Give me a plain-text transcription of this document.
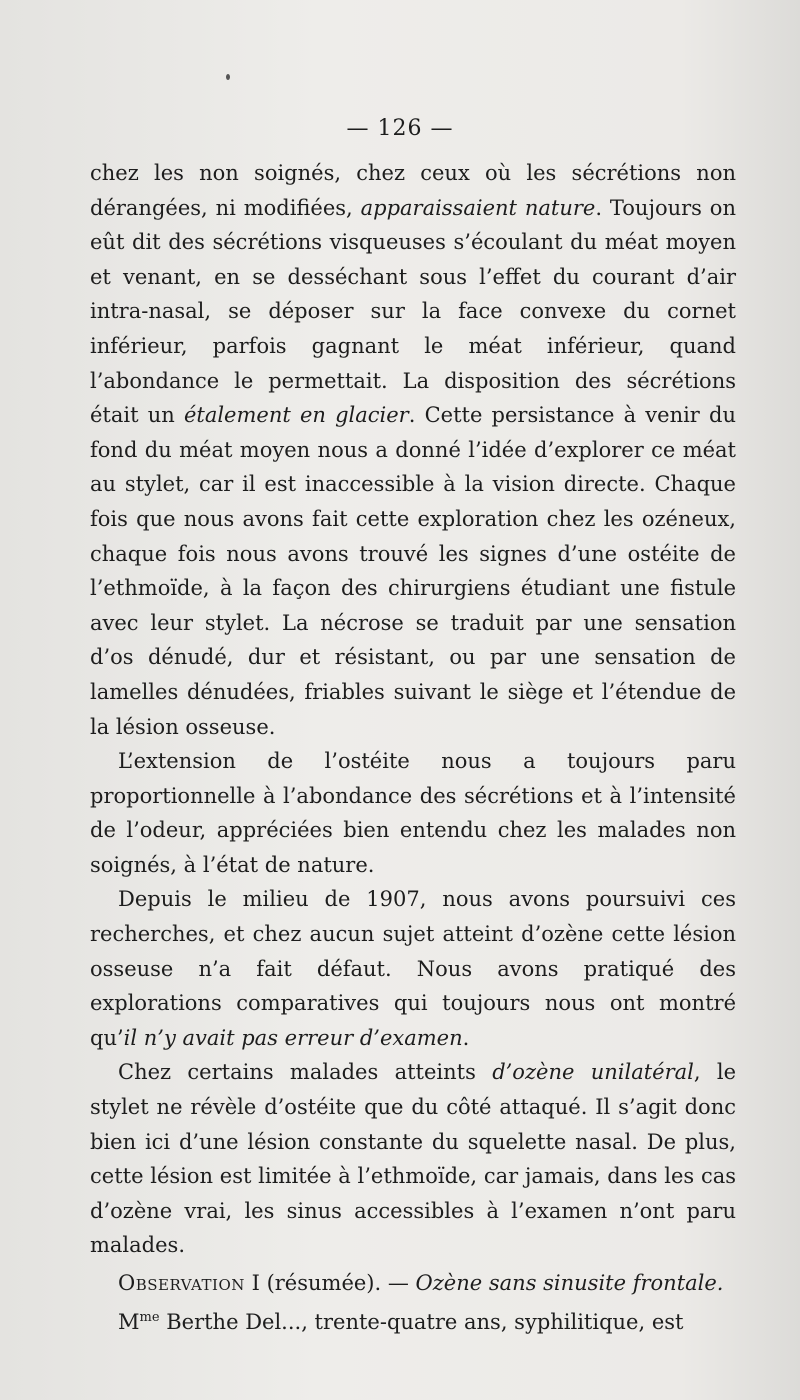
— 126 —

chez les non soignés, chez ceux où les sécrétions non dérangées, ni modifiées, apparaissaient nature. Toujours on eût dit des sécrétions visqueuses s’écoulant du méat moyen et venant, en se desséchant sous l’effet du courant d’air intra-nasal, se déposer sur la face convexe du cornet inférieur, parfois gagnant le méat inférieur, quand l’abondance le permettait. La disposition des sécrétions était un étalement en glacier. Cette persistance à venir du fond du méat moyen nous a donné l’idée d’explorer ce méat au stylet, car il est inaccessible à la vision directe. Chaque fois que nous avons fait cette exploration chez les ozéneux, chaque fois nous avons trouvé les signes d’une ostéite de l’ethmoïde, à la façon des chirurgiens étudiant une fistule avec leur stylet. La nécrose se traduit par une sensation d’os dénudé, dur et résistant, ou par une sensation de lamelles dénudées, friables suivant le siège et l’étendue de la lésion osseuse.

L’extension de l’ostéite nous a toujours paru proportionnelle à l’abondance des sécrétions et à l’intensité de l’odeur, appréciées bien entendu chez les malades non soignés, à l’état de nature.

Depuis le milieu de 1907, nous avons poursuivi ces recherches, et chez aucun sujet atteint d’ozène cette lésion osseuse n’a fait défaut. Nous avons pratiqué des explorations comparatives qui toujours nous ont montré qu’il n’y avait pas erreur d’examen.

Chez certains malades atteints d’ozène unilatéral, le stylet ne révèle d’ostéite que du côté attaqué. Il s’agit donc bien ici d’une lésion constante du squelette nasal. De plus, cette lésion est limitée à l’ethmoïde, car jamais, dans les cas d’ozène vrai, les sinus accessibles à l’examen n’ont paru malades.

Observation I (résumée). — Ozène sans sinusite frontale.

$M^{me}$ Berthe Del..., trente-quatre ans, syphilitique, est
